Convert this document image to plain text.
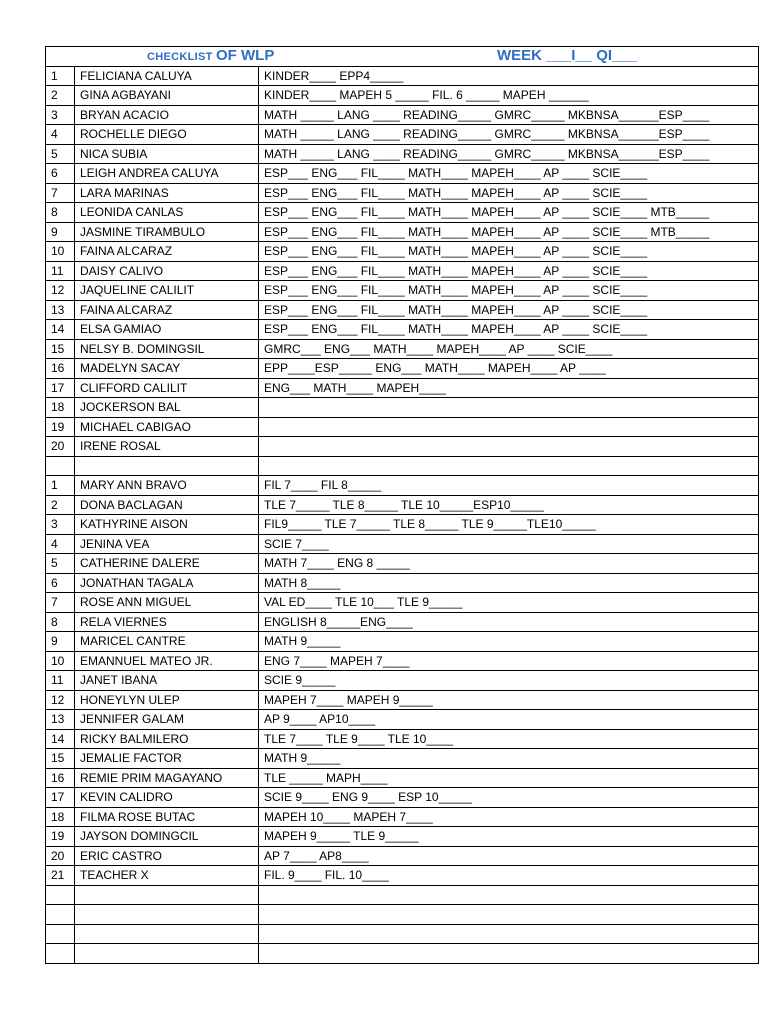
CHECKLIST OF WLP WEEK ___I__ QI___		

1	FELICIANA CALUYA	KINDER____ EPP4_____
2	GINA AGBAYANI	KINDER____ MAPEH 5 _____ FIL. 6 _____ MAPEH ______
3	BRYAN ACACIO	MATH _____ LANG ____ READING_____ GMRC_____ MKBNSA______ESP____
4	ROCHELLE DIEGO	MATH _____ LANG ____ READING_____ GMRC_____ MKBNSA______ESP____
5	NICA SUBIA	MATH _____ LANG ____ READING_____ GMRC_____ MKBNSA______ESP____
6	LEIGH ANDREA CALUYA	ESP___ ENG___ FIL____ MATH____ MAPEH____ AP ____ SCIE____
7	LARA MARINAS	ESP___ ENG___ FIL____ MATH____ MAPEH____ AP ____ SCIE____
8	LEONIDA CANLAS	ESP___ ENG___ FIL____ MATH____ MAPEH____ AP ____ SCIE____ MTB_____
9	JASMINE TIRAMBULO	ESP___ ENG___ FIL____ MATH____ MAPEH____ AP ____ SCIE____ MTB_____
10	FAINA ALCARAZ	ESP___ ENG___ FIL____ MATH____ MAPEH____ AP ____ SCIE____
11	DAISY CALIVO	ESP___ ENG___ FIL____ MATH____ MAPEH____ AP ____ SCIE____
12	JAQUELINE CALILIT	ESP___ ENG___ FIL____ MATH____ MAPEH____ AP ____ SCIE____
13	FAINA ALCARAZ	ESP___ ENG___ FIL____ MATH____ MAPEH____ AP ____ SCIE____
14	ELSA GAMIAO	ESP___ ENG___ FIL____ MATH____ MAPEH____ AP ____ SCIE____
15	NELSY B. DOMINGSIL	GMRC___ ENG___ MATH____ MAPEH____ AP ____ SCIE____
16	MADELYN SACAY	EPP____ESP_____ ENG___ MATH____ MAPEH____ AP ____
17	CLIFFORD CALILIT	ENG___ MATH____ MAPEH____
18	JOCKERSON BAL	
19	MICHAEL CABIGAO	
20	IRENE ROSAL	

1	MARY ANN BRAVO	FIL 7____ FIL 8_____
2	DONA BACLAGAN	TLE 7_____ TLE 8_____ TLE 10_____ESP10_____
3	KATHYRINE AISON	FIL9_____ TLE 7_____ TLE 8_____ TLE 9_____TLE10_____
4	JENINA VEA	SCIE 7____
5	CATHERINE DALERE	MATH 7____ ENG 8 _____
6	JONATHAN TAGALA	MATH 8_____
7	ROSE ANN MIGUEL	VAL ED____ TLE 10___ TLE 9_____
8	RELA VIERNES	ENGLISH 8_____ENG____
9	MARICEL CANTRE	MATH 9_____
10	EMANNUEL MATEO JR.	ENG 7____ MAPEH 7____
11	JANET IBANA	SCIE 9_____
12	HONEYLYN ULEP	MAPEH 7____ MAPEH 9_____
13	JENNIFER GALAM	AP 9____ AP10____
14	RICKY BALMILERO	TLE 7____ TLE 9____ TLE 10____
15	JEMALIE FACTOR	MATH 9_____
16	REMIE PRIM MAGAYANO	TLE _____ MAPH____
17	KEVIN CALIDRO	SCIE 9____ ENG 9____ ESP 10_____
18	FILMA ROSE BUTAC	MAPEH 10____ MAPEH 7____
19	JAYSON DOMINGCIL	MAPEH 9_____ TLE 9_____
20	ERIC CASTRO	AP 7____ AP8____
21	TEACHER X	FIL. 9____ FIL. 10____
